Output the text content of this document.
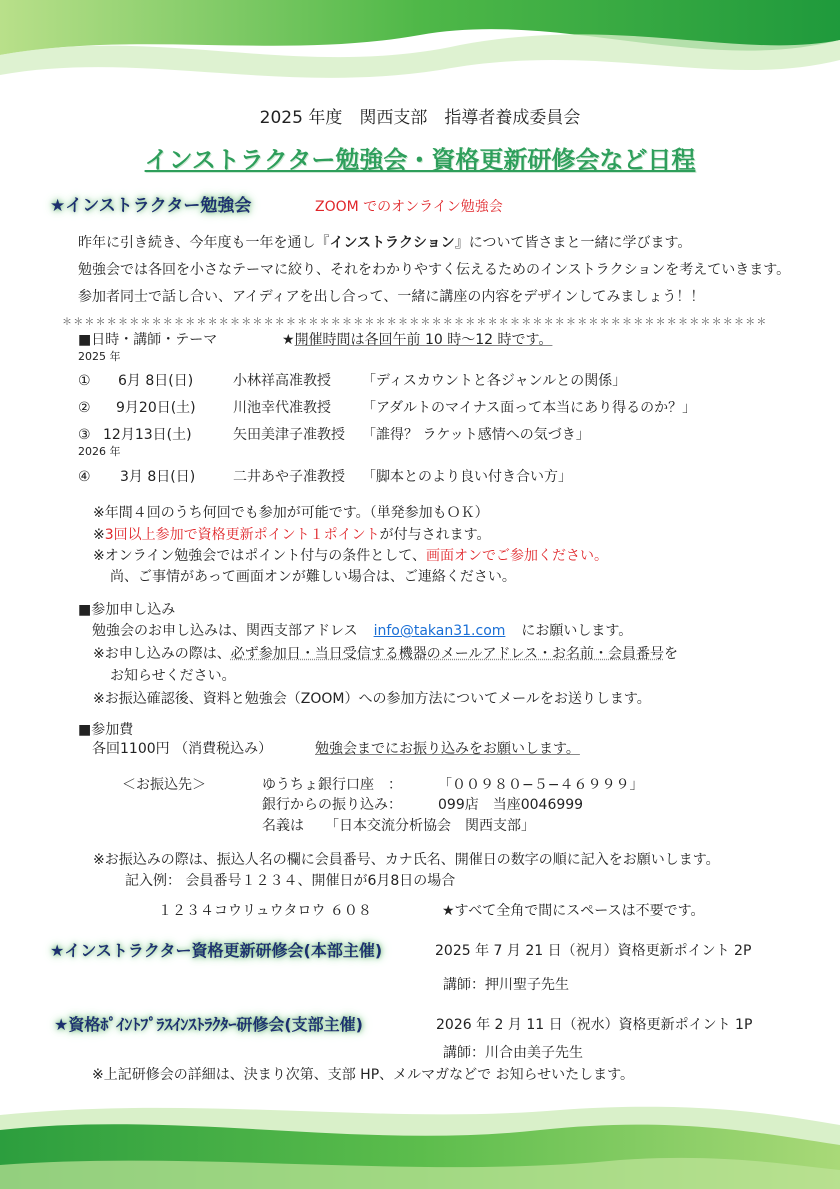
2025 年度　関西支部　指導者養成委員会
インストラクター勉強会・資格更新研修会など日程
★インストラクター勉強会	ZOOM でのオンライン勉強会
昨年に引き続き、今年度も一年を通し『インストラクション』について皆さまと一緒に学びます。
勉強会では各回を小さなテーマに絞り、それをわかりやすく伝えるためのインストラクションを考えていきます。
参加者同士で話し合い、アイディアを出し合って、一緒に講座の内容をデザインしてみましょう！！
＊＊＊＊＊＊＊＊＊＊＊＊＊＊＊＊＊＊＊＊＊＊＊＊＊＊＊＊＊＊＊＊＊＊＊＊＊＊＊＊＊＊＊＊＊＊＊＊＊＊＊＊＊＊＊＊＊＊＊＊＊＊＊
■日時・講師・テーマ	★開催時間は各回午前 10 時～12 時です。
2025 年
① 6月 8日(日)	小林祥高准教授 「ディスカウントと各ジャンルとの関係」
② 9月20日(土)	川池幸代准教授 「アダルトのマイナス面って本当にあり得るのか？」
③ 12月13日(土)	矢田美津子准教授 「誰得？ ラケット感情への気づき」
2026 年
④ 3月 8日(日)	二井あや子准教授 「脚本とのより良い付き合い方」
※年間４回のうち何回でも参加が可能です。（単発参加もＯＫ）
※3回以上参加で資格更新ポイント１ポイントが付与されます。
※オンライン勉強会ではポイント付与の条件として、画面オンでご参加ください。
尚、ご事情があって画面オンが難しい場合は、ご連絡ください。
■参加申し込み
勉強会のお申し込みは、関西支部アドレス info@takan31.com にお願いします。
※お申し込みの際は、必ず参加日・当日受信する機器のメールアドレス・お名前・会員番号を
お知らせください。
※お振込確認後、資料と勉強会（ZOOM）への参加方法についてメールをお送りします。
■参加費
各回1100円 （消費税込み）	勉強会までにお振り込みをお願いします。
＜お振込先＞	ゆうちょ銀行口座　：	「００９８０−５−４６９９９」
銀行からの振り込み：	099店　当座0046999
名義は 「日本交流分析協会　関西支部」
※お振込みの際は、振込人名の欄に会員番号、カナ氏名、開催日の数字の順に記入をお願いします。
記入例： 会員番号１２３４、開催日が6月8日の場合
１２３４コウリュウタロウ ６０８	★すべて全角で間にスペースは不要です。
★インストラクター資格更新研修会(本部主催)	2025 年 7 月 21 日（祝月）資格更新ポイント 2P
講師：押川聖子先生
★資格ﾎﾟｲﾝﾄﾌﾟﾗｽｲﾝｽﾄﾗｸﾀｰ研修会(支部主催)	2026 年 2 月 11 日（祝水）資格更新ポイント 1P
講師：川合由美子先生
※上記研修会の詳細は、決まり次第、支部 HP、メルマガなどで お知らせいたします。
